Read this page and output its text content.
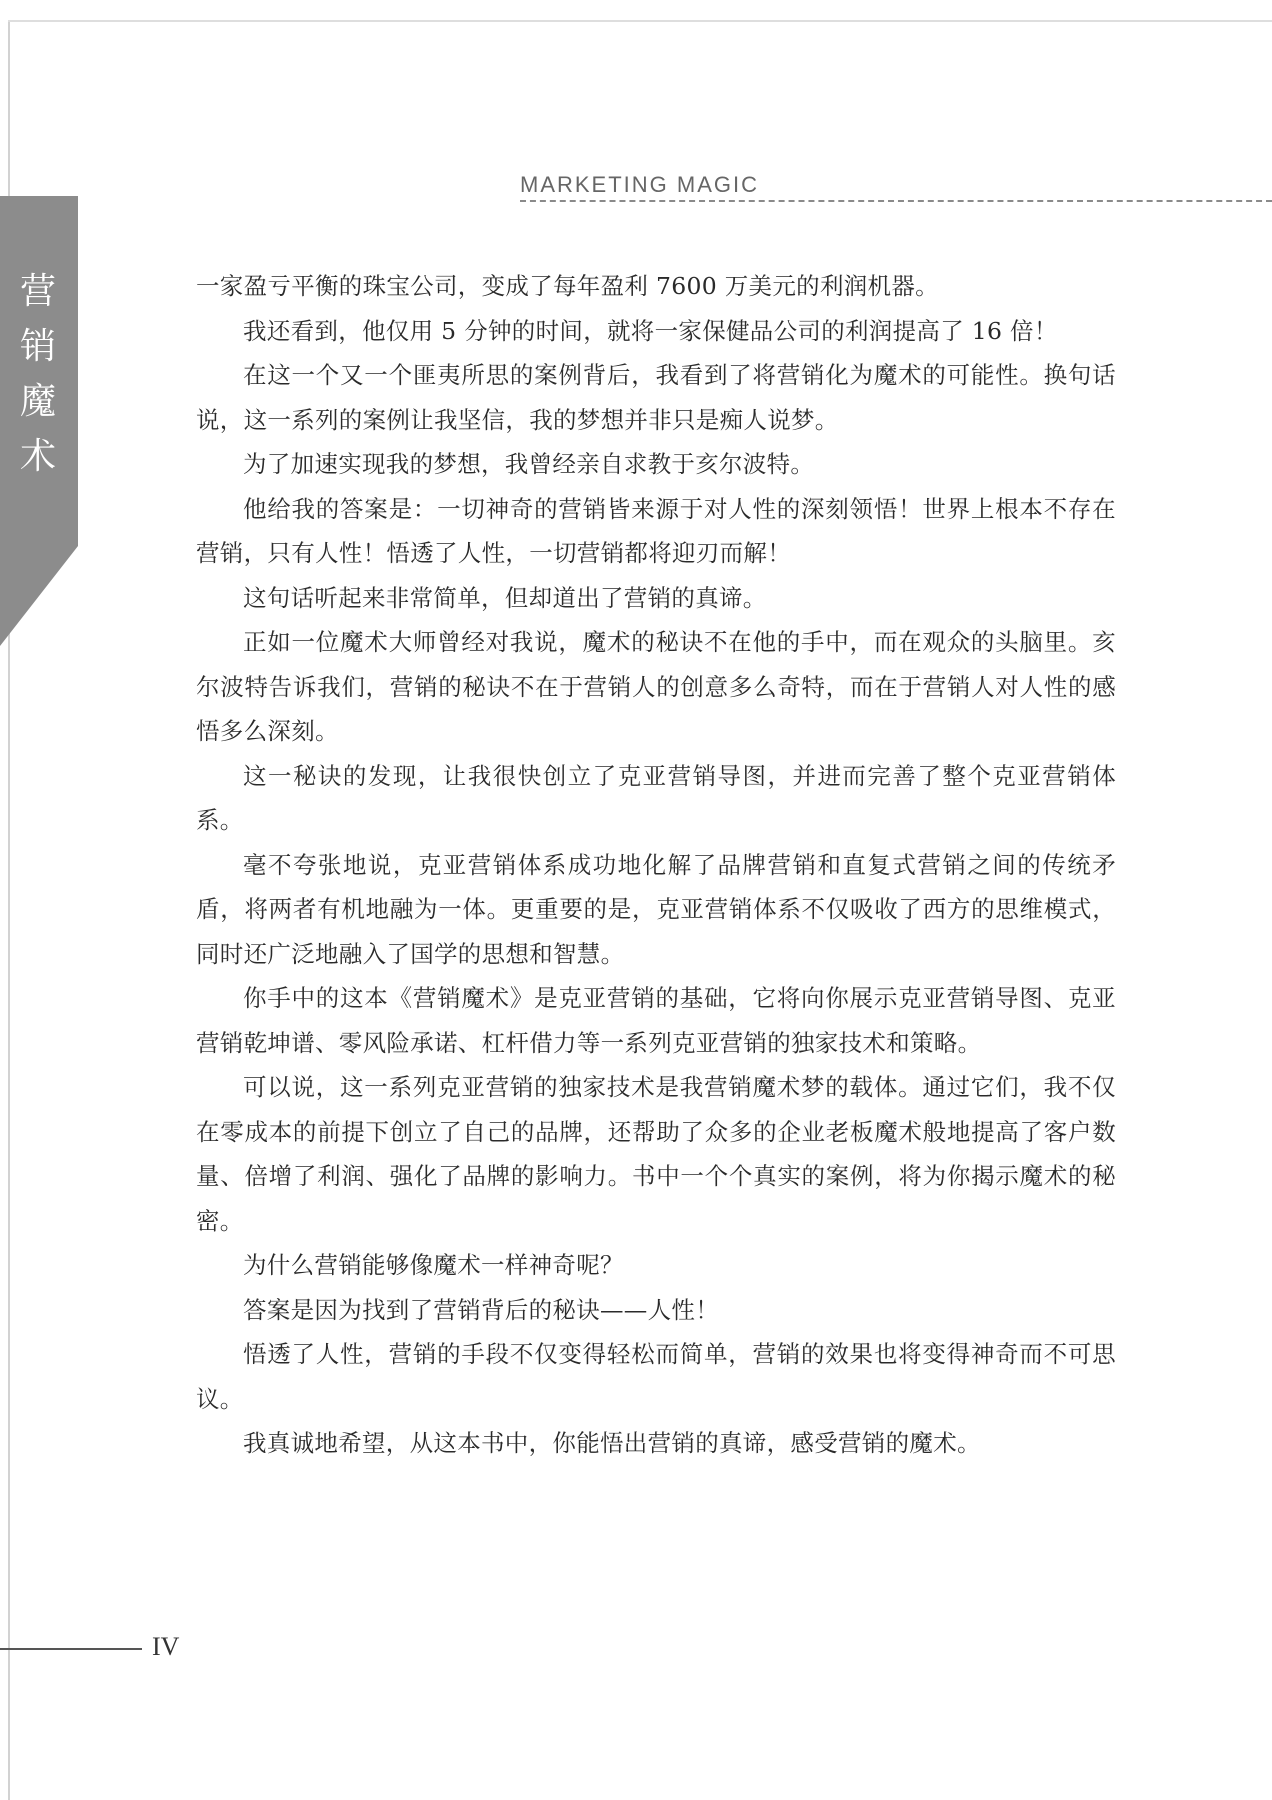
MARKETING MAGIC
营销魔术

一家盈亏平衡的珠宝公司，变成了每年盈利 7600 万美元的利润机器。

我还看到，他仅用 5 分钟的时间，就将一家保健品公司的利润提高了 16 倍！

在这一个又一个匪夷所思的案例背后，我看到了将营销化为魔术的可能性。换句话说，这一系列的案例让我坚信，我的梦想并非只是痴人说梦。

为了加速实现我的梦想，我曾经亲自求教于亥尔波特。

他给我的答案是：一切神奇的营销皆来源于对人性的深刻领悟！世界上根本不存在营销，只有人性！悟透了人性，一切营销都将迎刃而解！

这句话听起来非常简单，但却道出了营销的真谛。

正如一位魔术大师曾经对我说，魔术的秘诀不在他的手中，而在观众的头脑里。亥尔波特告诉我们，营销的秘诀不在于营销人的创意多么奇特，而在于营销人对人性的感悟多么深刻。

这一秘诀的发现，让我很快创立了克亚营销导图，并进而完善了整个克亚营销体系。

毫不夸张地说，克亚营销体系成功地化解了品牌营销和直复式营销之间的传统矛盾，将两者有机地融为一体。更重要的是，克亚营销体系不仅吸收了西方的思维模式，同时还广泛地融入了国学的思想和智慧。

你手中的这本《营销魔术》是克亚营销的基础，它将向你展示克亚营销导图、克亚营销乾坤谱、零风险承诺、杠杆借力等一系列克亚营销的独家技术和策略。

可以说，这一系列克亚营销的独家技术是我营销魔术梦的载体。通过它们，我不仅在零成本的前提下创立了自己的品牌，还帮助了众多的企业老板魔术般地提高了客户数量、倍增了利润、强化了品牌的影响力。书中一个个真实的案例，将为你揭示魔术的秘密。

为什么营销能够像魔术一样神奇呢？

答案是因为找到了营销背后的秘诀——人性！

悟透了人性，营销的手段不仅变得轻松而简单，营销的效果也将变得神奇而不可思议。

我真诚地希望，从这本书中，你能悟出营销的真谛，感受营销的魔术。

IV
